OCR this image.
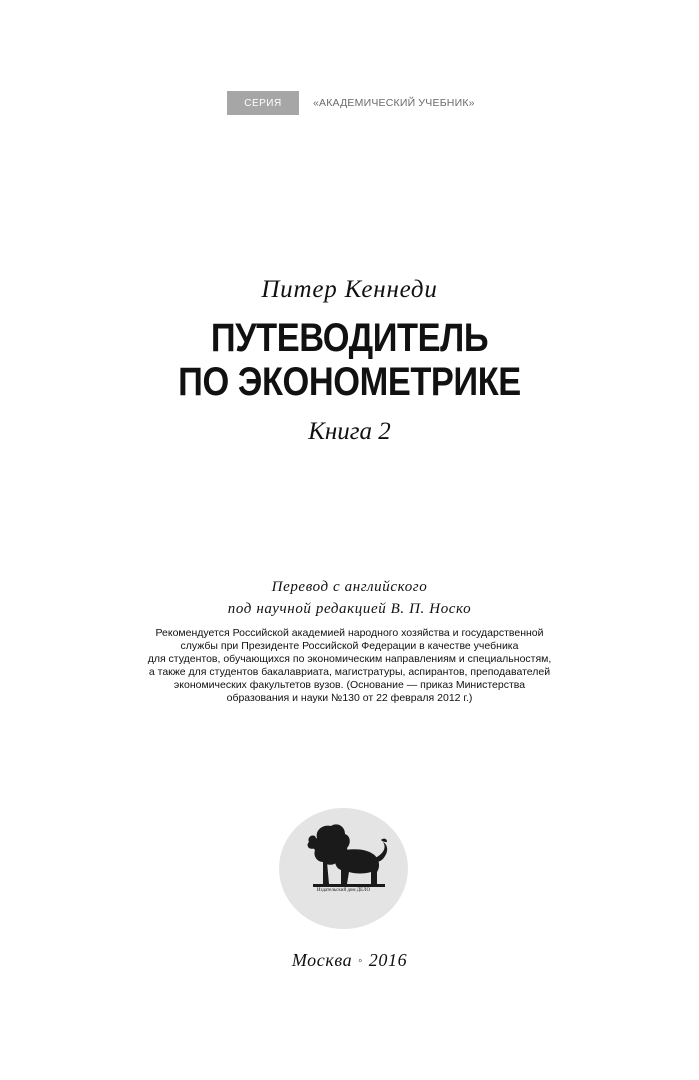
СЕРИЯ	«АКАДЕМИЧЕСКИЙ УЧЕБНИК»
Питер Кеннеди
ПУТЕВОДИТЕЛЬ
ПО ЭКОНОМЕТРИКЕ
Книга 2
Перевод с английского
под научной редакцией В. П. Носко
Рекомендуется Российской академией народного хозяйства и государственной
службы при Президенте Российской Федерации в качестве учебника
для студентов, обучающихся по экономическим направлениям и специальностям,
а также для студентов бакалавриата, магистратуры, аспирантов, преподавателей
экономических факультетов вузов. (Основание — приказ Министерства
образования и науки №130 от 22 февраля 2012 г.)
Издательский дом ДЕЛО
Москва ◦ 2016
